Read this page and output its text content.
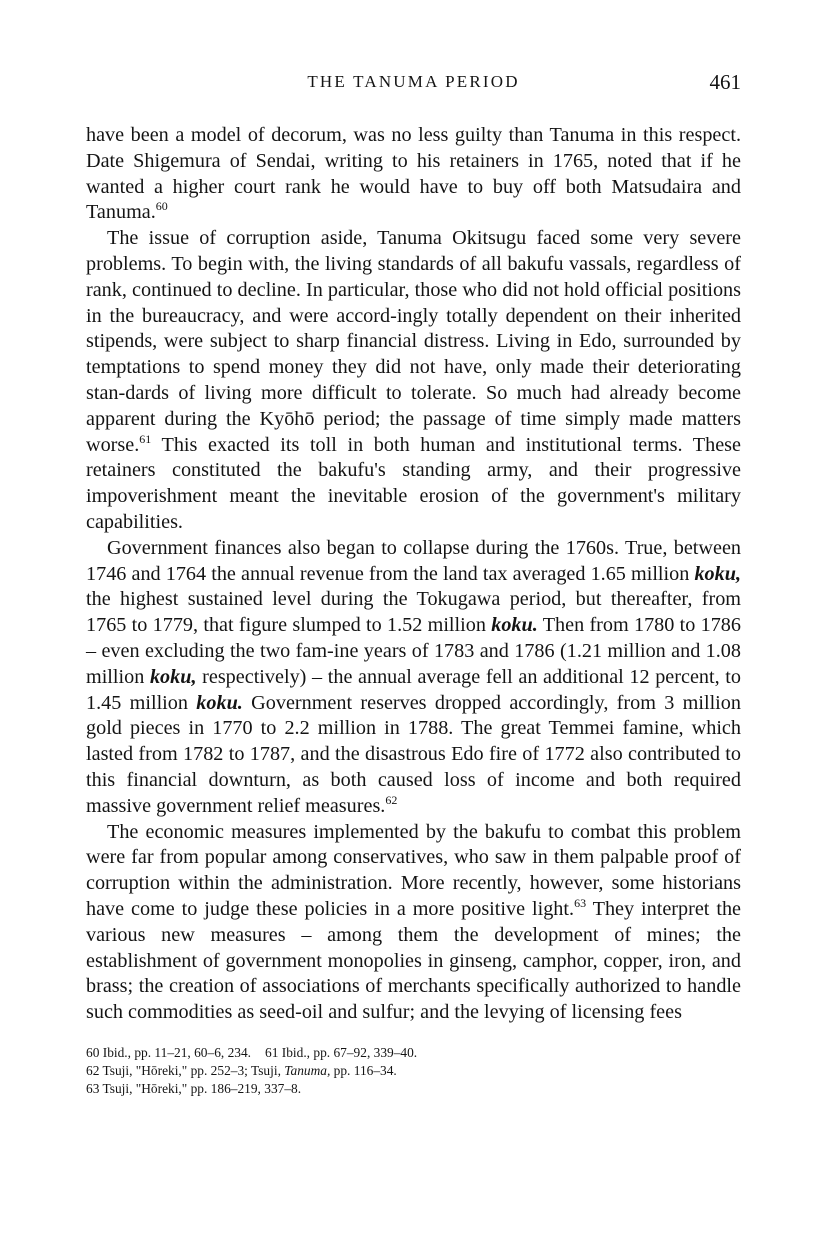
THE TANUMA PERIOD	461

have been a model of decorum, was no less guilty than Tanuma in this respect. Date Shigemura of Sendai, writing to his retainers in 1765, noted that if he wanted a higher court rank he would have to buy off both Matsudaira and Tanuma.$^{60}$

The issue of corruption aside, Tanuma Okitsugu faced some very severe problems. To begin with, the living standards of all bakufu vassals, regardless of rank, continued to decline. In particular, those who did not hold official positions in the bureaucracy, and were accord-ingly totally dependent on their inherited stipends, were subject to sharp financial distress. Living in Edo, surrounded by temptations to spend money they did not have, only made their deteriorating stan-dards of living more difficult to tolerate. So much had already become apparent during the Kyōhō period; the passage of time simply made matters worse.$^{61}$ This exacted its toll in both human and institutional terms. These retainers constituted the bakufu's standing army, and their progressive impoverishment meant the inevitable erosion of the government's military capabilities.

Government finances also began to collapse during the 1760s. True, between 1746 and 1764 the annual revenue from the land tax averaged 1.65 million koku, the highest sustained level during the Tokugawa period, but thereafter, from 1765 to 1779, that figure slumped to 1.52 million koku. Then from 1780 to 1786 – even excluding the two fam-ine years of 1783 and 1786 (1.21 million and 1.08 million koku, respectively) – the annual average fell an additional 12 percent, to 1.45 million koku. Government reserves dropped accordingly, from 3 million gold pieces in 1770 to 2.2 million in 1788. The great Temmei famine, which lasted from 1782 to 1787, and the disastrous Edo fire of 1772 also contributed to this financial downturn, as both caused loss of income and both required massive government relief measures.$^{62}$

The economic measures implemented by the bakufu to combat this problem were far from popular among conservatives, who saw in them palpable proof of corruption within the administration. More recently, however, some historians have come to judge these policies in a more positive light.$^{63}$ They interpret the various new measures – among them the development of mines; the establishment of government monopolies in ginseng, camphor, copper, iron, and brass; the creation of associations of merchants specifically authorized to handle such commodities as seed-oil and sulfur; and the levying of licensing fees

60 Ibid., pp. 11–21, 60–6, 234. 61 Ibid., pp. 67–92, 339–40.
62 Tsuji, "Hōreki," pp. 252–3; Tsuji, Tanuma, pp. 116–34.
63 Tsuji, "Hōreki," pp. 186–219, 337–8.
